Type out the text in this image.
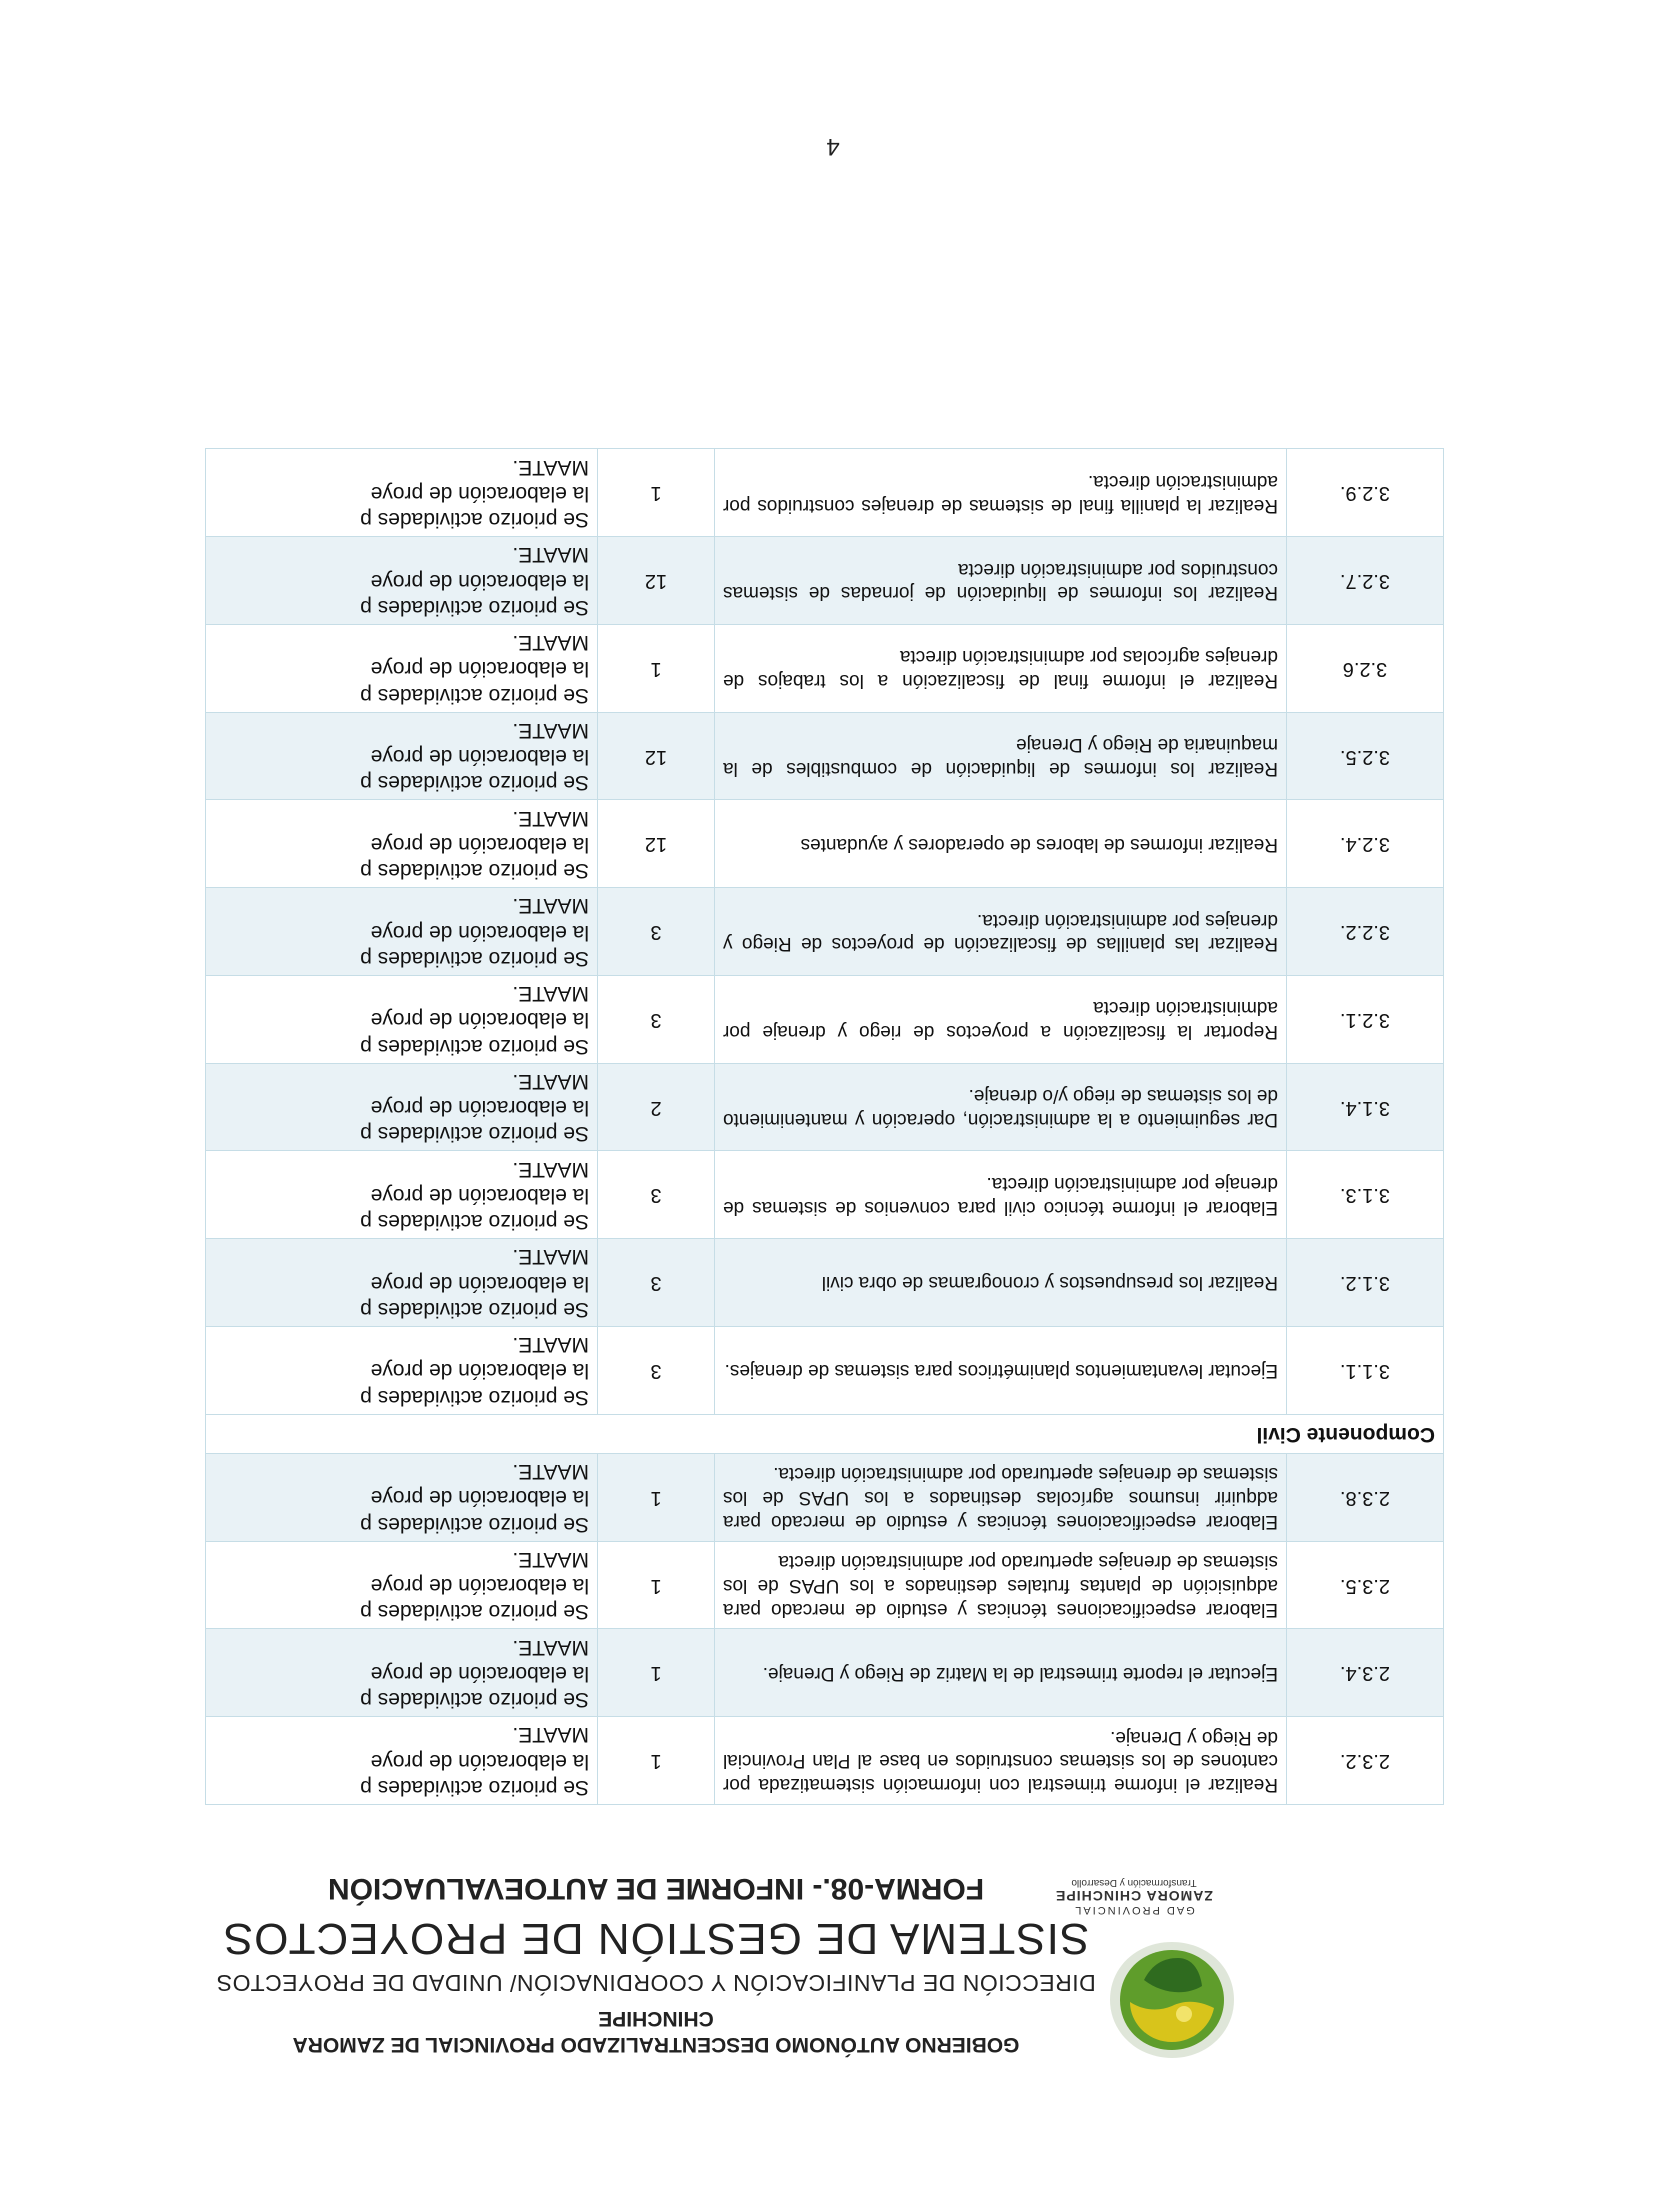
GAD PROVINCIAL
ZAMORA CHINCHIPE
Transformación y Desarrollo
GOBIERNO AUTÓNOMO DESCENTRALIZADO PROVINCIAL DE ZAMORA
CHINCHIPE
DIRECCIÓN DE PLANIFICACIÓN Y COORDINACIÓN/ UNIDAD DE PROYECTOS
SISTEMA DE GESTIÓN DE PROYECTOS
FORMA-08.- INFORME DE AUTOEVALUACIÓN
2.3.2.	Realizar el informe trimestral con información sistematizada por cantones de los sistemas construidos en base al Plan Provincial de Riego y Drenaje.	1	Se priorizo actividades p
la elaboración de proye
MAATE.

2.3.4.	Ejecutar el reporte trimestral de la Matriz de Riego y Drenaje.	1	Se priorizo actividades p
la elaboración de proye
MAATE.

2.3.5.	Elaborar especificaciones técnicas y estudio de mercado para adquisición de plantas frutales destinados a los UPAS de los sistemas de drenajes aperturado por administración directa	1	Se priorizo actividades p
la elaboración de proye
MAATE.

2.3.8.	Elaborar especificaciones técnicas y estudio de mercado para adquirir insumos agrícolas destinados a los UPAS de los sistemas de drenajes aperturado por administración directa.	1	Se priorizo actividades p
la elaboración de proye
MAATE.

Componente Civil			
3.1.1.	Ejecutar levantamientos planimétricos para sistemas de drenajes.	3	Se priorizo actividades p
la elaboración de proye
MAATE.

3.1.2.	Realizar los presupuestos y cronogramas de obra civil	3	Se priorizo actividades p
la elaboración de proye
MAATE.

3.1.3.	Elaborar el informe técnico civil para convenios de sistemas de drenaje por administración directa.	3	Se priorizo actividades p
la elaboración de proye
MAATE.

3.1.4.	Dar seguimiento a la administración, operación y mantenimiento de los sistemas de riego y/o drenaje.	2	Se priorizo actividades p
la elaboración de proye
MAATE.

3.2.1.	Reportar la fiscalización a proyectos de riego y drenaje por administración directa	3	Se priorizo actividades p
la elaboración de proye
MAATE.

3.2.2.	Realizar las planillas de fiscalización de proyectos de Riego y drenajes por administración directa.	3	Se priorizo actividades p
la elaboración de proye
MAATE.

3.2.4.	Realizar informes de labores de operadores y ayudantes	12	Se priorizo actividades p
la elaboración de proye
MAATE.

3.2.5.	Realizar los informes de liquidación de combustibles de la maquinaria de Riego y Drenaje	12	Se priorizo actividades p
la elaboración de proye
MAATE.

3.2.6	Realizar el informe final de fiscalización a los trabajos de drenajes agrícolas por administración directa	1	Se priorizo actividades p
la elaboración de proye
MAATE.

3.2.7.	Realizar los informes de liquidación de jornadas de sistemas construidos por administración directa	12	Se priorizo actividades p
la elaboración de proye
MAATE.

3.2.9.	Realizar la planilla final de sistemas de drenajes construidos por administración directa.	1	Se priorizo actividades p
la elaboración de proye
MAATE.
4
